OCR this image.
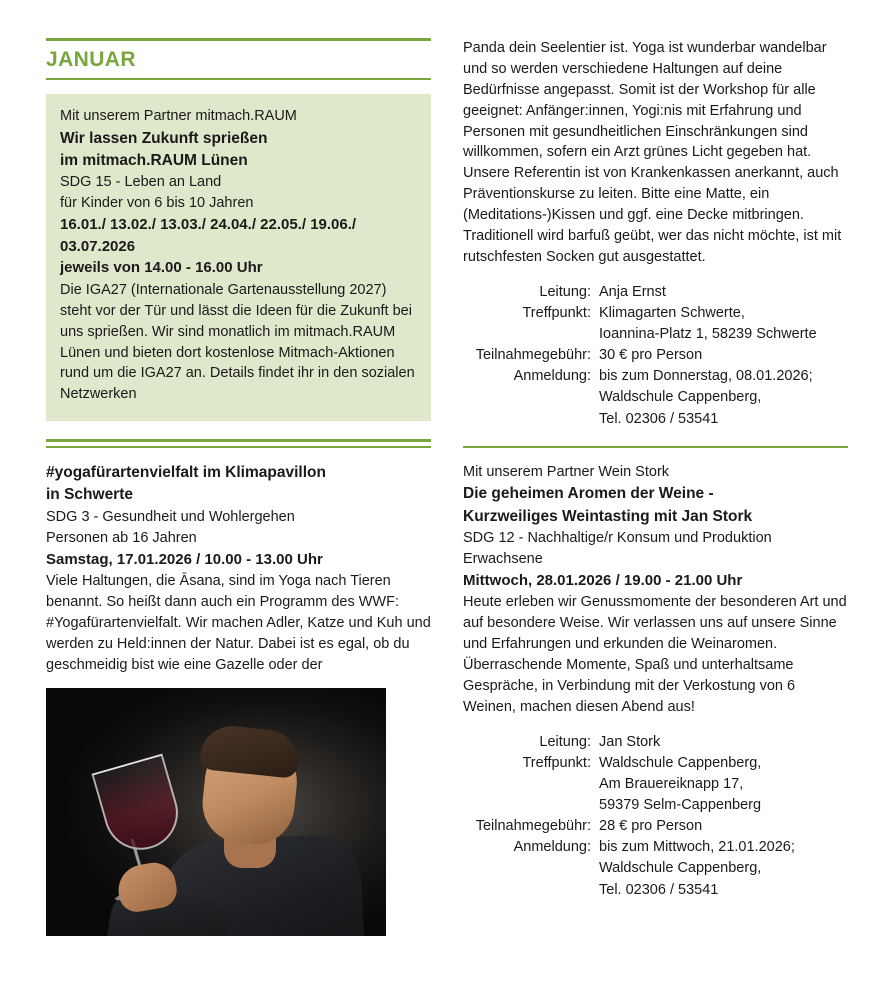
JANUAR
Mit unserem Partner mitmach.RAUM
Wir lassen Zukunft sprießen
im mitmach.RAUM Lünen
SDG 15 - Leben an Land
für Kinder von 6 bis 10 Jahren
16.01./ 13.02./ 13.03./ 24.04./ 22.05./ 19.06./
03.07.2026
jeweils von 14.00 - 16.00 Uhr
Die IGA27 (Internationale Gartenausstellung 2027) steht vor der Tür und lässt die Ideen für die Zukunft bei uns sprießen. Wir sind monatlich im mitmach.RAUM Lünen und bieten dort kostenlose Mitmach-Aktionen rund um die IGA27 an. Details findet ihr in den sozialen Netzwerken
#yogafürartenvielfalt im Klimapavillon
in Schwerte
SDG 3 - Gesundheit und Wohlergehen
Personen ab 16 Jahren
Samstag, 17.01.2026 / 10.00 - 13.00 Uhr
Viele Haltungen, die Āsana, sind im Yoga nach Tieren benannt. So heißt dann auch ein Programm des WWF: #Yogafürartenvielfalt. Wir machen Adler, Katze und Kuh und werden zu Held:innen der Natur. Dabei ist es egal, ob du geschmeidig bist wie eine Gazelle oder der
Panda dein Seelentier ist. Yoga ist wunderbar wandelbar und so werden verschiedene Haltungen auf deine Bedürfnisse angepasst. Somit ist der Workshop für alle geeignet: Anfänger:innen, Yogi:nis mit Erfahrung und Personen mit gesundheitlichen Einschränkungen sind willkommen, sofern ein Arzt grünes Licht gegeben hat. Unsere Referentin ist von Krankenkassen anerkannt, auch Präventionskurse zu leiten. Bitte eine Matte, ein (Meditations-)Kissen und ggf. eine Decke mitbringen. Traditionell wird barfuß geübt, wer das nicht möchte, ist mit rutschfesten Socken gut ausgestattet.
Leitung:	Anja Ernst
Treffpunkt:	Klimagarten Schwerte,
	Ioannina-Platz 1, 58239 Schwerte
Teilnahmegebühr:	30 € pro Person
Anmeldung:	bis zum Donnerstag, 08.01.2026;
	Waldschule Cappenberg,
	Tel. 02306 / 53541
Mit unserem Partner Wein Stork
Die geheimen Aromen der Weine -
Kurzweiliges Weintasting mit Jan Stork
SDG 12 - Nachhaltige/r Konsum und Produktion
Erwachsene
Mittwoch, 28.01.2026 / 19.00 - 21.00 Uhr
Heute erleben wir Genussmomente der besonderen Art und auf besondere Weise. Wir verlassen uns auf unsere Sinne und Erfahrungen und erkunden die Weinaromen. Überraschende Momente, Spaß und unterhaltsame Gespräche, in Verbindung mit der Verkostung von 6 Weinen, machen diesen Abend aus!
Leitung:	Jan Stork
Treffpunkt:	Waldschule Cappenberg,
	Am Brauereiknapp 17,
	59379 Selm-Cappenberg
Teilnahmegebühr:	28 € pro Person
Anmeldung:	bis zum Mittwoch, 21.01.2026;
	Waldschule Cappenberg,
	Tel. 02306 / 53541
